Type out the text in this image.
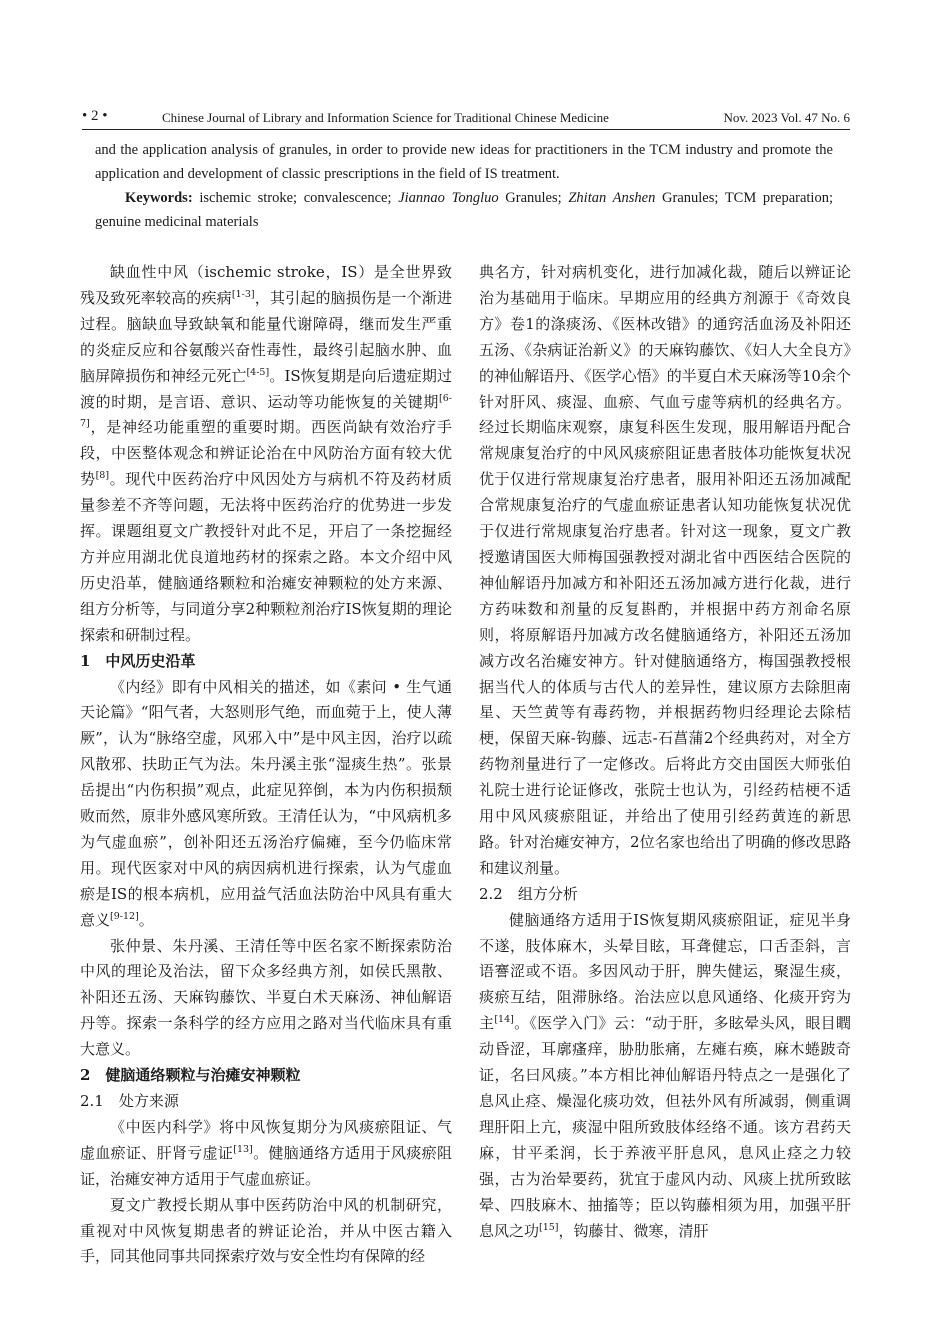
• 2 •	Chinese Journal of Library and Information Science for Traditional Chinese Medicine	Nov. 2023 Vol. 47 No. 6
and the application analysis of granules, in order to provide new ideas for practitioners in the TCM industry and promote the application and development of classic prescriptions in the field of IS treatment.
Keywords: ischemic stroke; convalescence; Jiannao Tongluo Granules; Zhitan Anshen Granules; TCM preparation; genuine medicinal materials

缺血性中风（ischemic stroke，IS）是全世界致残及致死率较高的疾病[1-3]，其引起的脑损伤是一个渐进过程。脑缺血导致缺氧和能量代谢障碍，继而发生严重的炎症反应和谷氨酸兴奋性毒性，最终引起脑水肿、血脑屏障损伤和神经元死亡[4-5]。IS恢复期是向后遗症期过渡的时期，是言语、意识、运动等功能恢复的关键期[6-7]，是神经功能重塑的重要时期。西医尚缺有效治疗手段，中医整体观念和辨证论治在中风防治方面有较大优势[8]。现代中医药治疗中风因处方与病机不符及药材质量参差不齐等问题，无法将中医药治疗的优势进一步发挥。课题组夏文广教授针对此不足，开启了一条挖掘经方并应用湖北优良道地药材的探索之路。本文介绍中风历史沿革，健脑通络颗粒和治瘫安神颗粒的处方来源、组方分析等，与同道分享2种颗粒剂治疗IS恢复期的理论探索和研制过程。

1　中风历史沿革

《内经》即有中风相关的描述，如《素问 • 生气通天论篇》“阳气者，大怒则形气绝，而血菀于上，使人薄厥”，认为“脉络空虚，风邪入中”是中风主因，治疗以疏风散邪、扶助正气为法。朱丹溪主张“湿痰生热”。张景岳提出“内伤积损”观点，此症见猝倒，本为内伤积损颓败而然，原非外感风寒所致。王清任认为，“中风病机多为气虚血瘀”，创补阳还五汤治疗偏瘫，至今仍临床常用。现代医家对中风的病因病机进行探索，认为气虚血瘀是IS的根本病机，应用益气活血法防治中风具有重大意义[9-12]。

张仲景、朱丹溪、王清任等中医名家不断探索防治中风的理论及治法，留下众多经典方剂，如侯氏黑散、补阳还五汤、天麻钩藤饮、半夏白术天麻汤、神仙解语丹等。探索一条科学的经方应用之路对当代临床具有重大意义。

2　健脑通络颗粒与治瘫安神颗粒
2.1　处方来源

《中医内科学》将中风恢复期分为风痰瘀阻证、气虚血瘀证、肝肾亏虚证[13]。健脑通络方适用于风痰瘀阻证，治瘫安神方适用于气虚血瘀证。

夏文广教授长期从事中医药防治中风的机制研究，重视对中风恢复期患者的辨证论治，并从中医古籍入手，同其他同事共同探索疗效与安全性均有保障的经

典名方，针对病机变化，进行加减化裁，随后以辨证论治为基础用于临床。早期应用的经典方剂源于《奇效良方》卷1的涤痰汤、《医林改错》的通窍活血汤及补阳还五汤、《杂病证治新义》的天麻钩藤饮、《妇人大全良方》的神仙解语丹、《医学心悟》的半夏白术天麻汤等10余个针对肝风、痰湿、血瘀、气血亏虚等病机的经典名方。经过长期临床观察，康复科医生发现，服用解语丹配合常规康复治疗的中风风痰瘀阻证患者肢体功能恢复状况优于仅进行常规康复治疗患者，服用补阳还五汤加减配合常规康复治疗的气虚血瘀证患者认知功能恢复状况优于仅进行常规康复治疗患者。针对这一现象，夏文广教授邀请国医大师梅国强教授对湖北省中西医结合医院的神仙解语丹加减方和补阳还五汤加减方进行化裁，进行方药味数和剂量的反复斟酌，并根据中药方剂命名原则，将原解语丹加减方改名健脑通络方，补阳还五汤加减方改名治瘫安神方。针对健脑通络方，梅国强教授根据当代人的体质与古代人的差异性，建议原方去除胆南星、天竺黄等有毒药物，并根据药物归经理论去除桔梗，保留天麻-钩藤、远志-石菖蒲2个经典药对，对全方药物剂量进行了一定修改。后将此方交由国医大师张伯礼院士进行论证修改，张院士也认为，引经药桔梗不适用中风风痰瘀阻证，并给出了使用引经药黄连的新思路。针对治瘫安神方，2位名家也给出了明确的修改思路和建议剂量。

2.2　组方分析

健脑通络方适用于IS恢复期风痰瘀阻证，症见半身不遂，肢体麻木，头晕目眩，耳聋健忘，口舌歪斜，言语謇涩或不语。多因风动于肝，脾失健运，聚湿生痰，痰瘀互结，阻滞脉络。治法应以息风通络、化痰开窍为主[14]。《医学入门》云：“动于肝，多眩晕头风，眼目瞤动昏涩，耳廓瘙痒，胁肋胀痛，左瘫右痪，麻木蜷跛奇证，名曰风痰。”本方相比神仙解语丹特点之一是强化了息风止痉、燥湿化痰功效，但祛外风有所减弱，侧重调理肝阳上亢，痰湿中阻所致肢体经络不通。该方君药天麻，甘平柔润，长于养液平肝息风，息风止痉之力较强，古为治晕要药，犹宜于虚风内动、风痰上扰所致眩晕、四肢麻木、抽搐等；臣以钩藤相须为用，加强平肝息风之功[15]，钩藤甘、微寒，清肝
